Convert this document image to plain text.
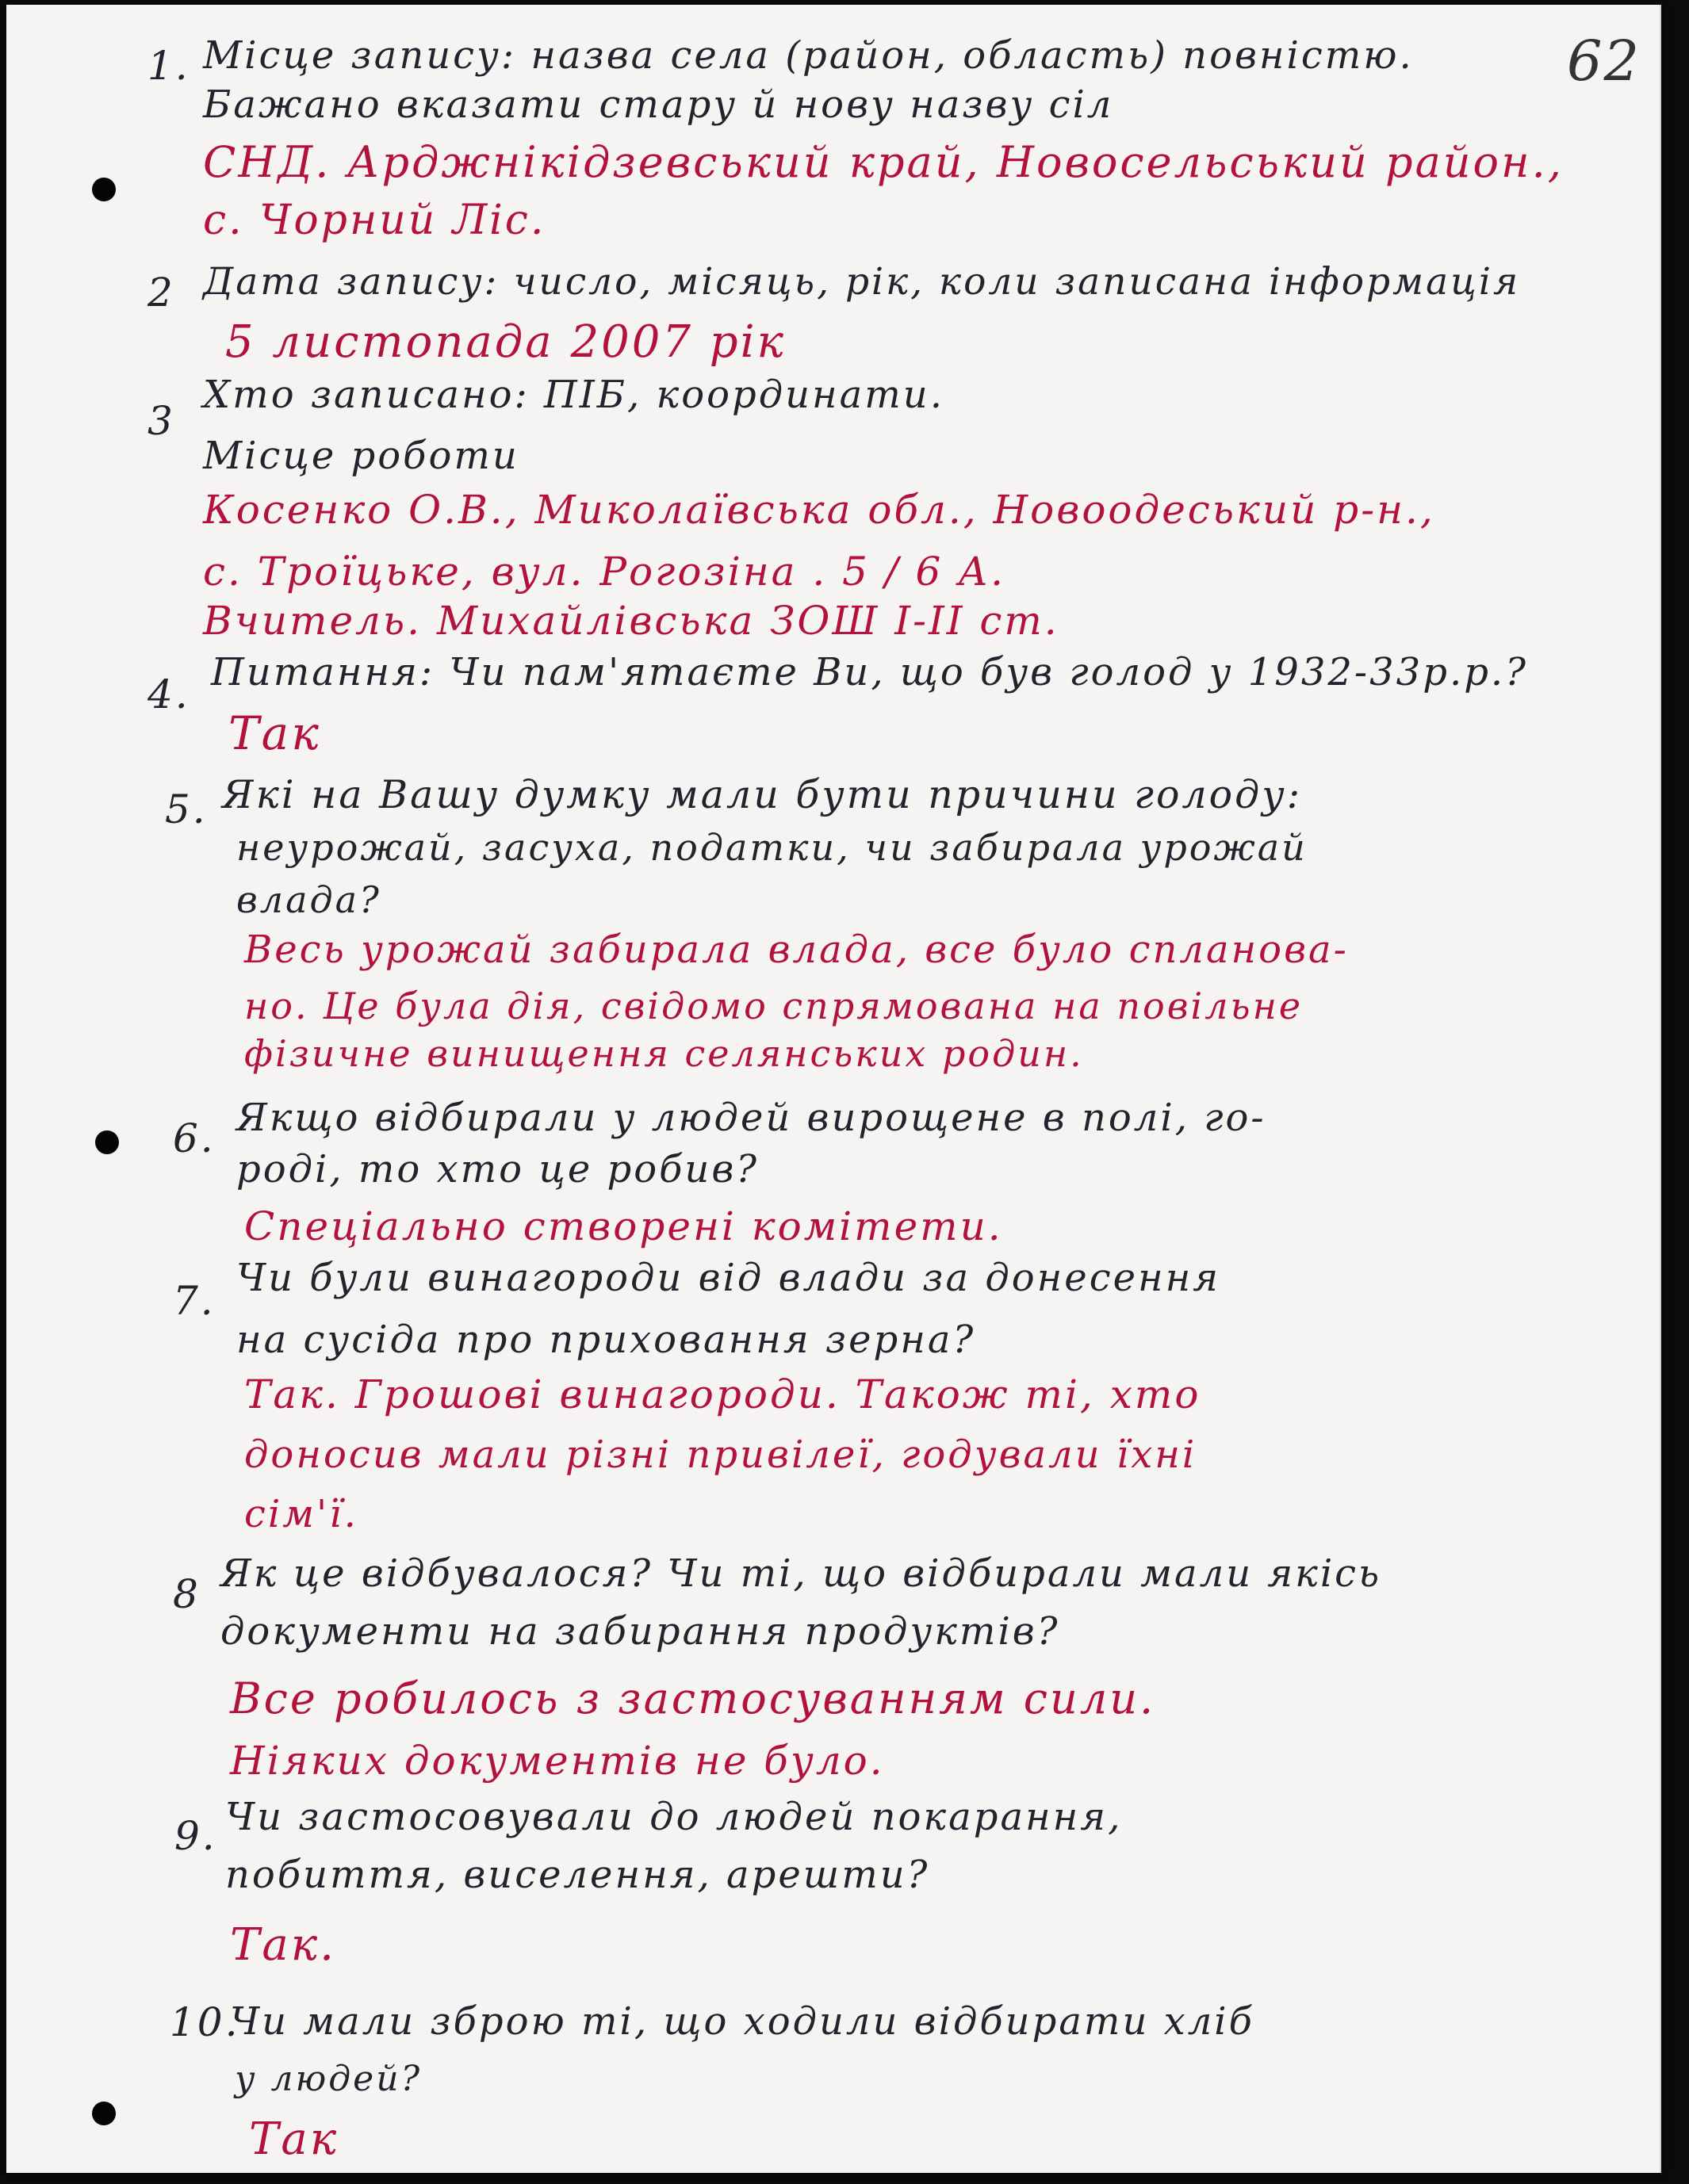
62
1. Місце запису: назва села (район, область) повністю.
Бажано вказати стару й нову назву сіл
СНД. Арджнікідзевський край, Новосельський район.,
с. Чорний Ліс.
2 Дата запису: число, місяць, рік, коли записана інформація
5 листопада 2007 рік
3
Хто записано: ПІБ, координати.
Місце роботи
Косенко О.В., Миколаївська обл., Новоодеський р-н.,
с. Троїцьке, вул. Рогозіна . 5 / 6 А.
Вчитель. Михайлівська ЗОШ І-ІІ ст.
4. Питання: Чи пам'ятаєте Ви, що був голод у 1932-33р.р.?
Так
5. Які на Вашу думку мали бути причини голоду:
неурожай, засуха, податки, чи забирала урожай
влада?
Весь урожай забирала влада, все було спланова-
но. Це була дія, свідомо спрямована на повільне
фізичне винищення селянських родин.
6. Якщо відбирали у людей вирощене в полі, го-
роді, то хто це робив?
Спеціально створені комітети.
7. Чи були винагороди від влади за донесення
на сусіда про приховання зерна?
Так. Грошові винагороди. Також ті, хто
доносив мали різні привілеї, годували їхні
сім'ї.
8 Як це відбувалося? Чи ті, що відбирали мали якісь
документи на забирання продуктів?
Все робилось з застосуванням сили.
Ніяких документів не було.
9. Чи застосовували до людей покарання,
побиття, виселення, арешти?
Так.
10.
Чи мали зброю ті, що ходили відбирати хліб
у людей?
Так
